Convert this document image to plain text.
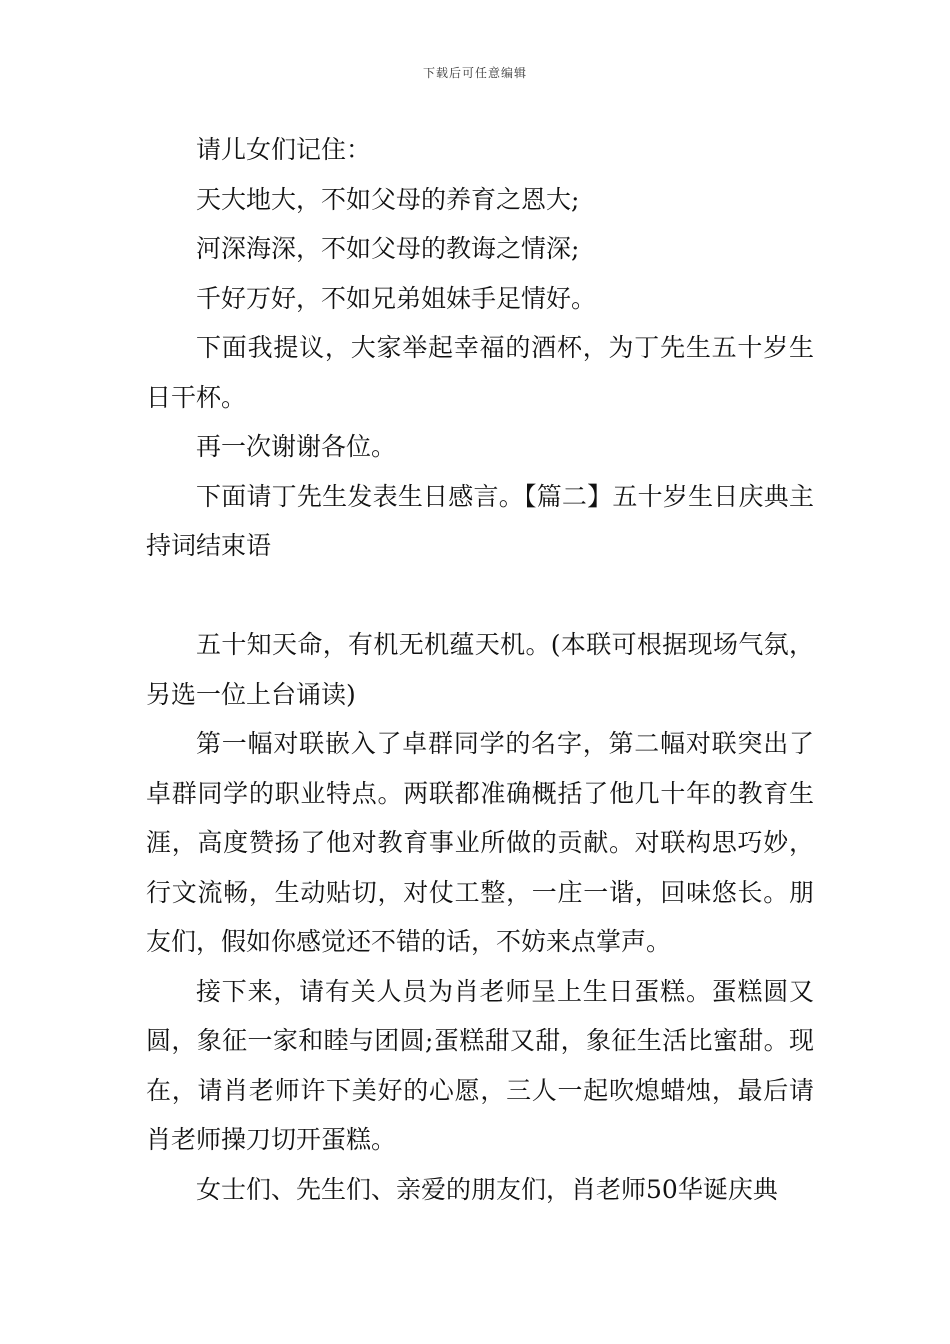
下载后可任意编辑

请儿女们记住：

天大地大，不如父母的养育之恩大;

河深海深，不如父母的教诲之情深;

千好万好，不如兄弟姐妹手足情好。

下面我提议，大家举起幸福的酒杯，为丁先生五十岁生日干杯。

再一次谢谢各位。

下面请丁先生发表生日感言。【篇二】五十岁生日庆典主持词结束语

五十知天命，有机无机蕴天机。(本联可根据现场气氛，另选一位上台诵读)

第一幅对联嵌入了卓群同学的名字，第二幅对联突出了卓群同学的职业特点。两联都准确概括了他几十年的教育生涯，高度赞扬了他对教育事业所做的贡献。对联构思巧妙，行文流畅，生动贴切，对仗工整，一庄一谐，回味悠长。朋友们，假如你感觉还不错的话，不妨来点掌声。

接下来，请有关人员为肖老师呈上生日蛋糕。蛋糕圆又圆，象征一家和睦与团圆;蛋糕甜又甜，象征生活比蜜甜。现在，请肖老师许下美好的心愿，三人一起吹熄蜡烛，最后请肖老师操刀切开蛋糕。

女士们、先生们、亲爱的朋友们，肖老师50华诞庆典
